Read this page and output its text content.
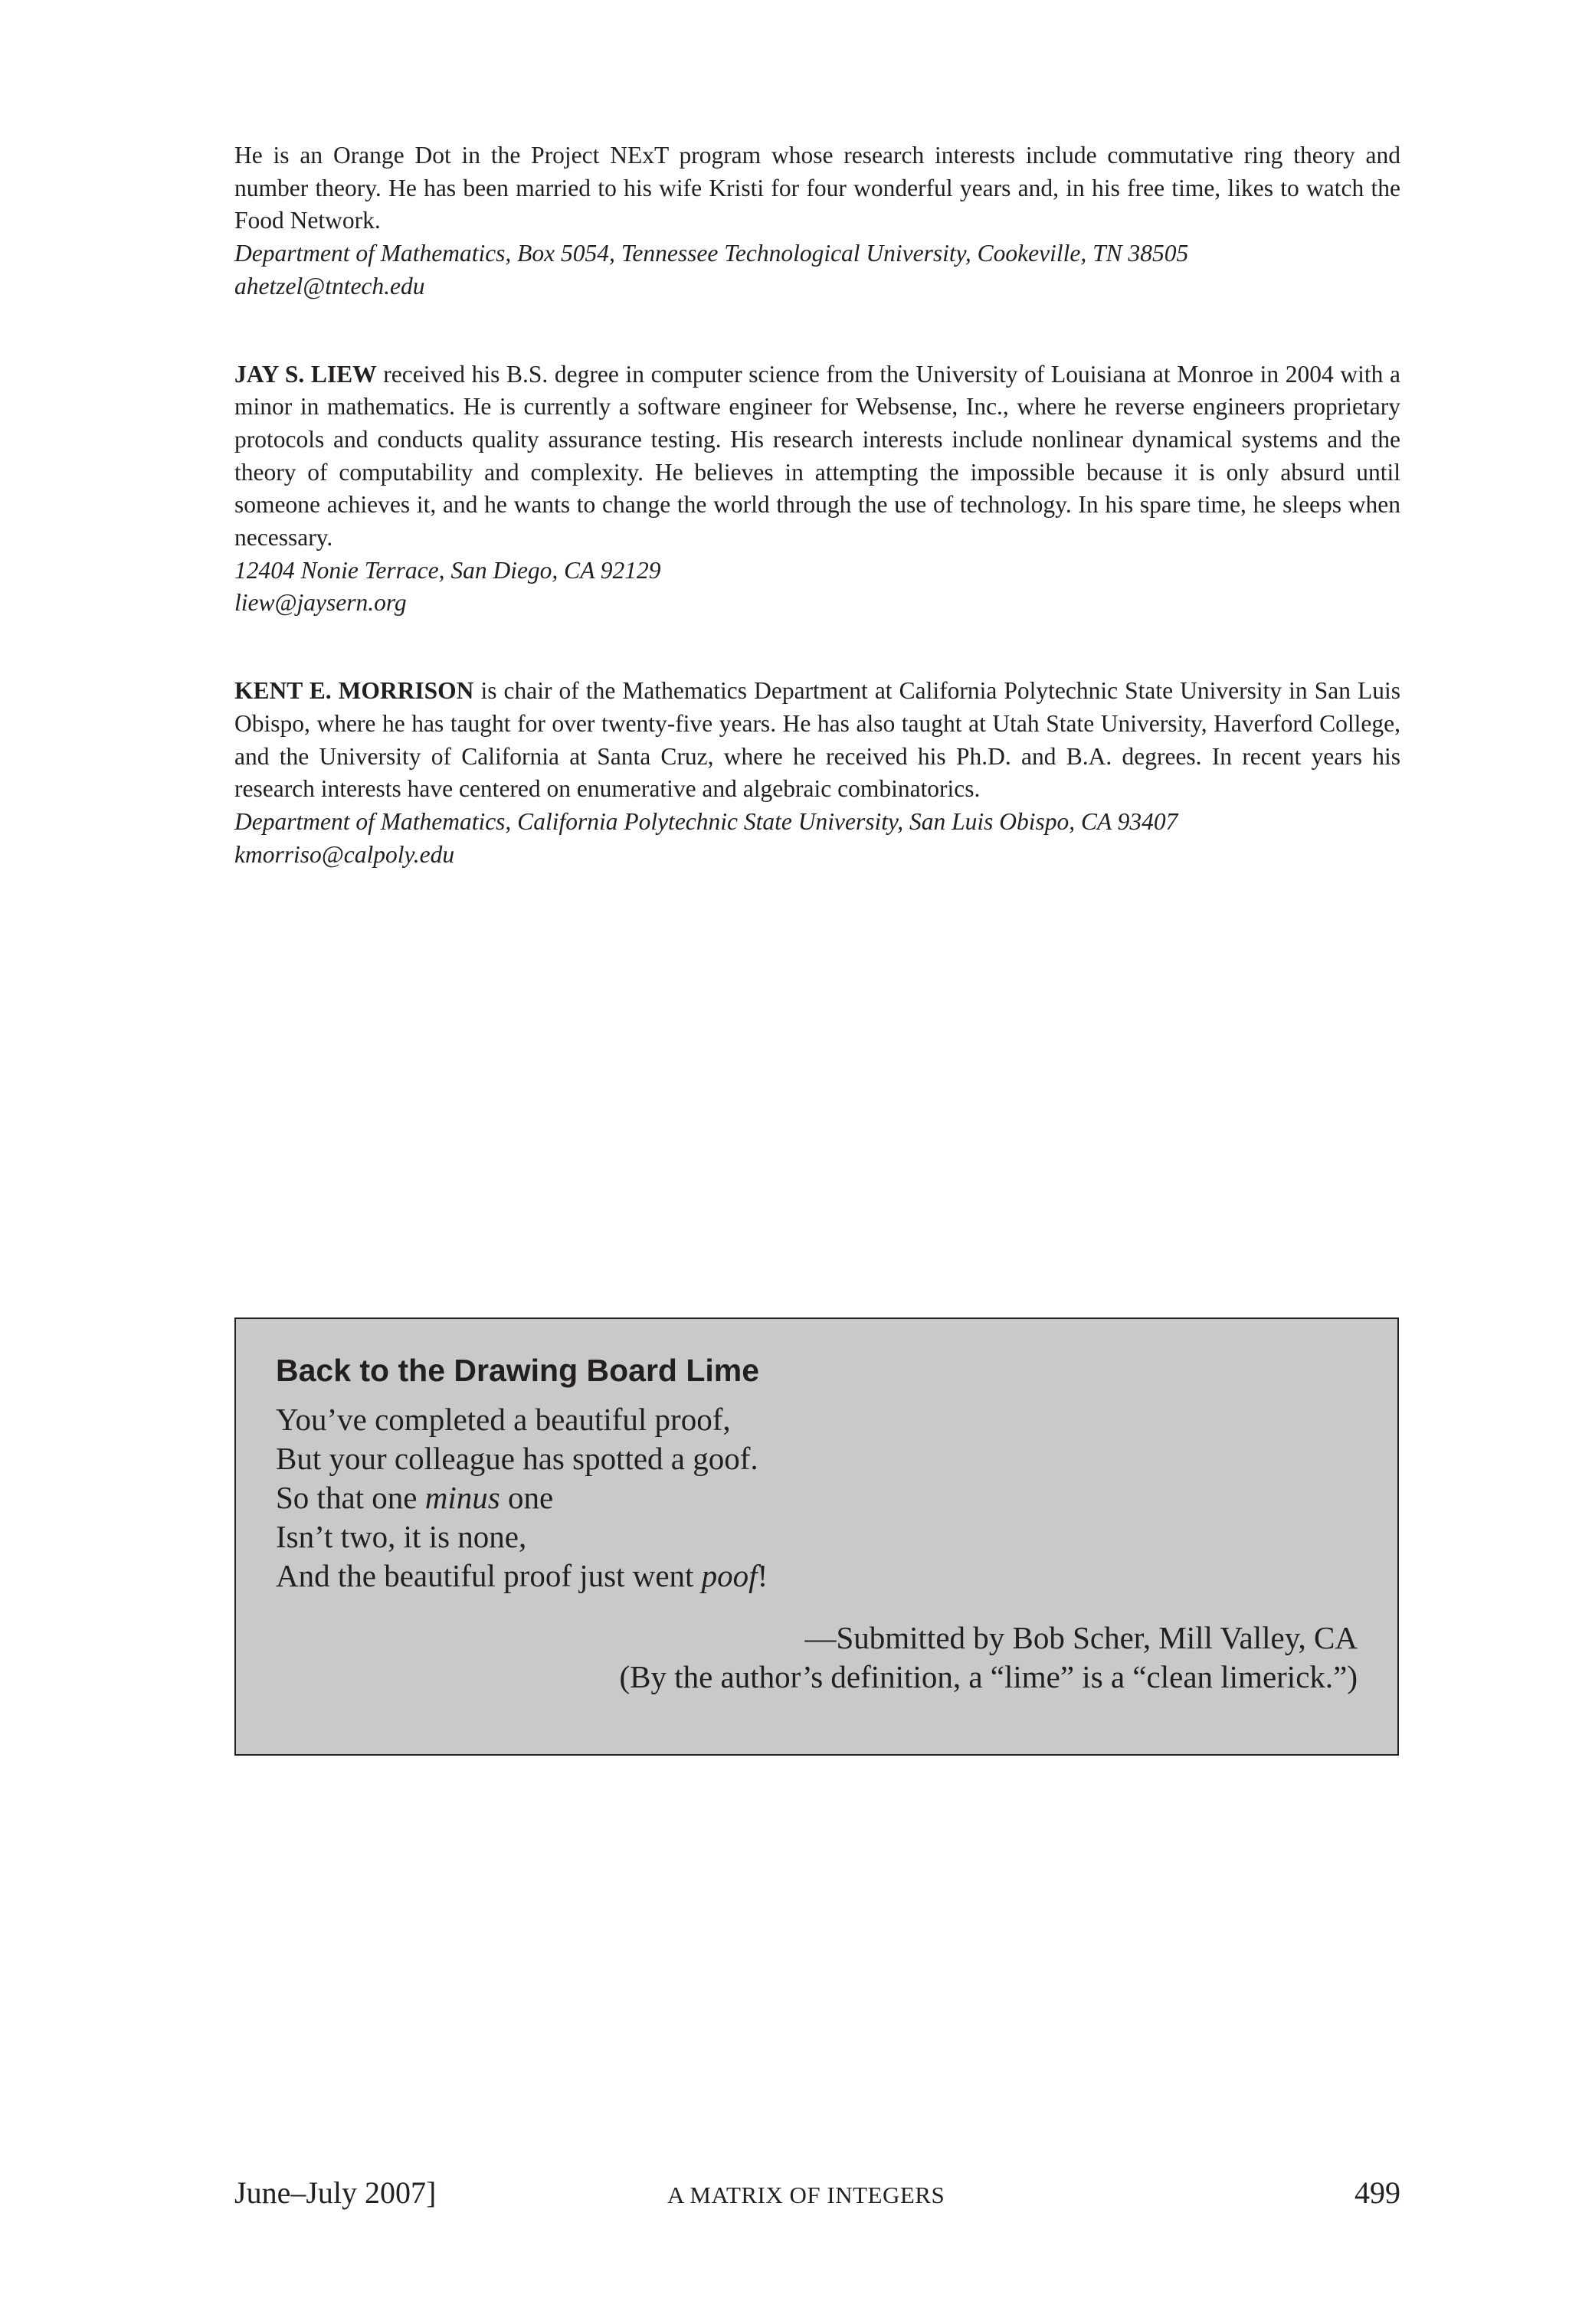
He is an Orange Dot in the Project NExT program whose research interests include commutative ring theory and number theory. He has been married to his wife Kristi for four wonderful years and, in his free time, likes to watch the Food Network.

Department of Mathematics, Box 5054, Tennessee Technological University, Cookeville, TN 38505

ahetzel@tntech.edu

JAY S. LIEW received his B.S. degree in computer science from the University of Louisiana at Monroe in 2004 with a minor in mathematics. He is currently a software engineer for Websense, Inc., where he reverse engineers proprietary protocols and conducts quality assurance testing. His research interests include nonlinear dynamical systems and the theory of computability and complexity. He believes in attempting the impossible because it is only absurd until someone achieves it, and he wants to change the world through the use of technology. In his spare time, he sleeps when necessary.

12404 Nonie Terrace, San Diego, CA 92129

liew@jaysern.org

KENT E. MORRISON is chair of the Mathematics Department at California Polytechnic State University in San Luis Obispo, where he has taught for over twenty-five years. He has also taught at Utah State University, Haverford College, and the University of California at Santa Cruz, where he received his Ph.D. and B.A. degrees. In recent years his research interests have centered on enumerative and algebraic combinatorics.

Department of Mathematics, California Polytechnic State University, San Luis Obispo, CA 93407

kmorriso@calpoly.edu

Back to the Drawing Board Lime
You’ve completed a beautiful proof,
But your colleague has spotted a goof.
So that one minus one
Isn’t two, it is none,
And the beautiful proof just went poof!
—Submitted by Bob Scher, Mill Valley, CA
(By the author’s definition, a “lime” is a “clean limerick.”)
June–July 2007]	A MATRIX OF INTEGERS	499
